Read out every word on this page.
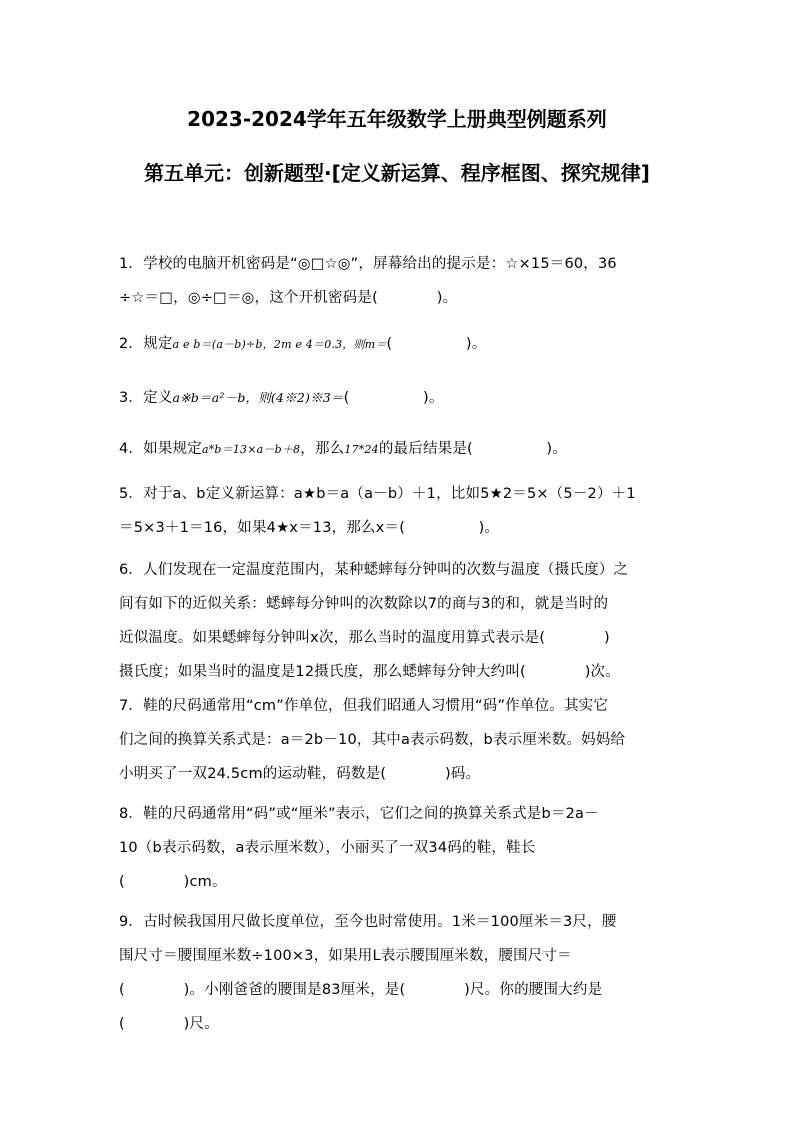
2023-2024学年五年级数学上册典型例题系列
第五单元：创新题型·[定义新运算、程序框图、探究规律]

1．学校的电脑开机密码是“◎□☆◎”，屏幕给出的提示是：☆×15＝60，36

÷☆＝□，◎÷□＝◎，这个开机密码是(　　　　)。

2．规定a e b＝(a－b)÷b，2m e 4＝0.3，则m＝(　　　　　)。

3．定义a※b＝a²－b，则(4※2)※3＝(　　　　　)。

4．如果规定a*b＝13×a－b＋8，那么17*24的最后结果是(　　　　　)。

5．对于a、b定义新运算：a★b＝a（a－b）＋1，比如5★2＝5×（5－2）＋1

＝5×3＋1＝16，如果4★x＝13，那么x＝(　　　　　)。

6．人们发现在一定温度范围内，某种蟋蟀每分钟叫的次数与温度（摄氏度）之

间有如下的近似关系：蟋蟀每分钟叫的次数除以7的商与3的和，就是当时的

近似温度。如果蟋蟀每分钟叫x次，那么当时的温度用算式表示是(　　　　)

摄氏度；如果当时的温度是12摄氏度，那么蟋蟀每分钟大约叫(　　　　)次。

7．鞋的尺码通常用“cm”作单位，但我们昭通人习惯用“码”作单位。其实它

们之间的换算关系式是：a＝2b－10，其中a表示码数，b表示厘米数。妈妈给

小明买了一双24.5cm的运动鞋，码数是(　　　　)码。

8．鞋的尺码通常用“码”或“厘米”表示，它们之间的换算关系式是b＝2a－

10（b表示码数，a表示厘米数），小丽买了一双34码的鞋，鞋长

(　　　　)cm。

9．古时候我国用尺做长度单位，至今也时常使用。1米＝100厘米＝3尺，腰

围尺寸＝腰围厘米数÷100×3，如果用L表示腰围厘米数，腰围尺寸＝

(　　　　)。小刚爸爸的腰围是83厘米，是(　　　　)尺。你的腰围大约是

(　　　　)尺。
